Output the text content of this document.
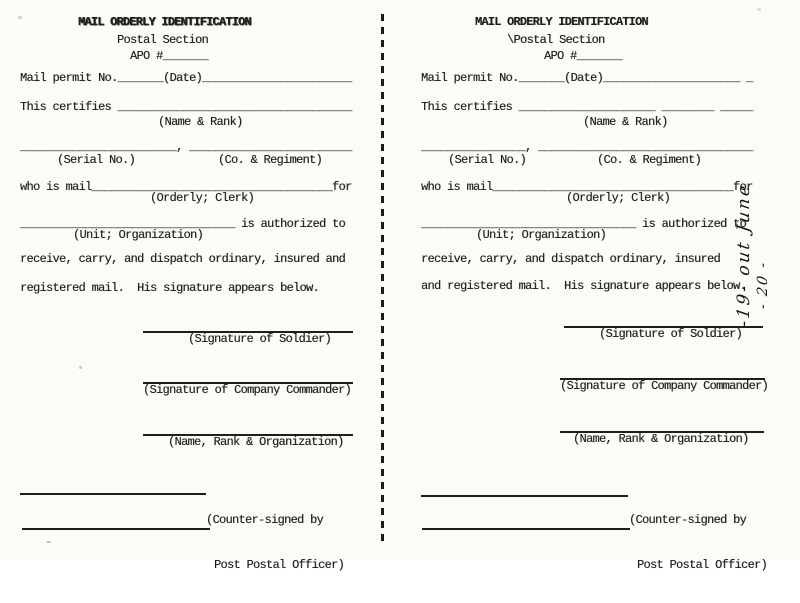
MAIL ORDERLY IDENTIFICATION
Postal Section
APO #_______
Mail permit No._______(Date)_______________________
This certifies ____________________________________
(Name & Rank)
________________________, _________________________
(Serial No.)	(Co. & Regiment)
who is mail_____________________________________for
(Orderly; Clerk)
_________________________________ is authorized to
(Unit; Organization)
receive, carry, and dispatch ordinary, insured and
registered mail.  His signature appears below.
(Signature of Soldier)
(Signature of Company Commander)
(Name, Rank & Organization)

(Counter-signed by

Post Postal Officer)

MAIL ORDERLY IDENTIFICATION
\Postal Section
APO #_______
Mail permit No._______(Date)_____________________ _
This certifies _____________________ ________ _____
(Name & Rank)
________________, _________________________________
(Serial No.)	(Co. & Regiment)
who is mail_____________________________________for
(Orderly; Clerk)
_________________________________ is authorized to
(Unit; Organization)
receive, carry, and dispatch ordinary, insured
and registered mail.  His signature appears below.
(Signature of Soldier)
(Signature of Company Commander)
(Name, Rank & Organization)

(Counter-signed by

Post Postal Officer)

-19- out June - 20 -
